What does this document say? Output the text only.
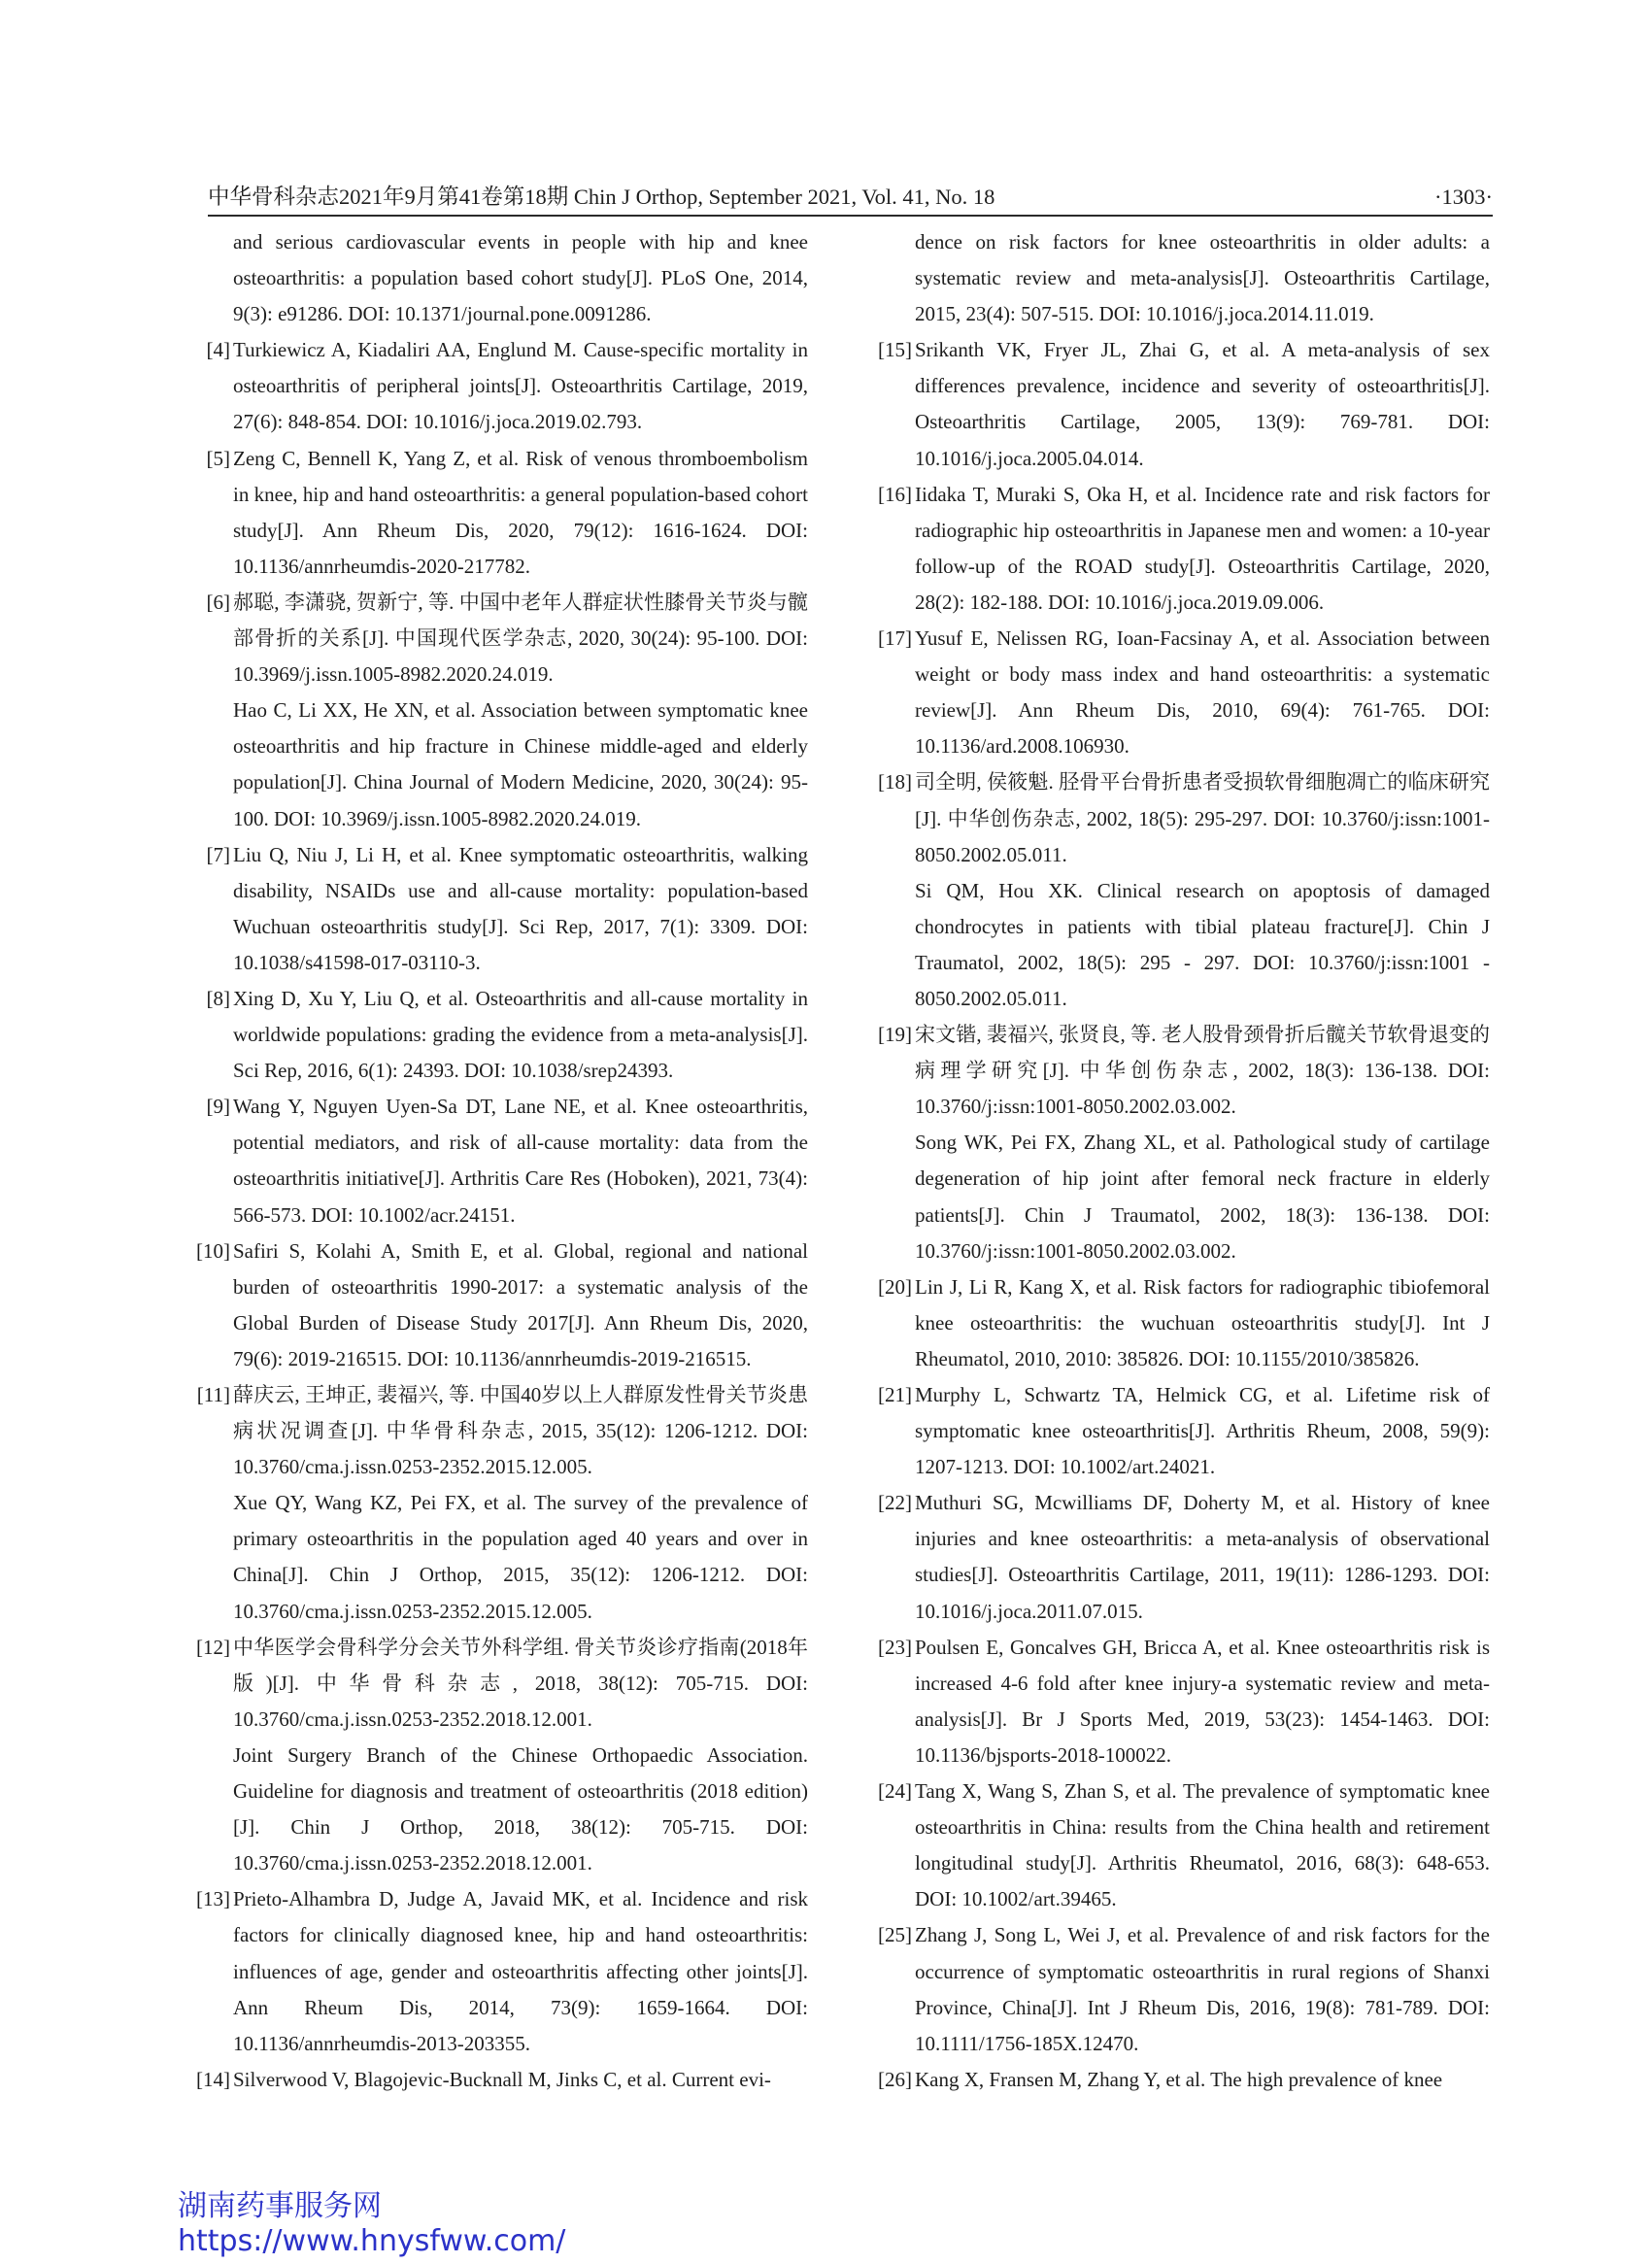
中华骨科杂志2021年9月第41卷第18期 Chin J Orthop, September 2021, Vol. 41, No. 18	·1303·
and serious cardiovascular events in people with hip and knee osteoarthritis: a population based cohort study[J]. PLoS One, 2014, 9(3): e91286. DOI: 10.1371/journal.pone.0091286.
[4] Turkiewicz A, Kiadaliri AA, Englund M. Cause-specific mortality in osteoarthritis of peripheral joints[J]. Osteoarthritis Cartilage, 2019, 27(6): 848-854. DOI: 10.1016/j.joca.2019.02.793.
[5] Zeng C, Bennell K, Yang Z, et al. Risk of venous thromboembolism in knee, hip and hand osteoarthritis: a general population-based cohort study[J]. Ann Rheum Dis, 2020, 79(12): 1616-1624. DOI: 10.1136/annrheumdis-2020-217782.
[6] 郝聪, 李潇骁, 贺新宁, 等. 中国中老年人群症状性膝骨关节炎与髋部骨折的关系[J]. 中国现代医学杂志, 2020, 30(24): 95-100. DOI: 10.3969/j.issn.1005-8982.2020.24.019.
Hao C, Li XX, He XN, et al. Association between symptomatic knee osteoarthritis and hip fracture in Chinese middle-aged and elderly population[J]. China Journal of Modern Medicine, 2020, 30(24): 95-100. DOI: 10.3969/j.issn.1005-8982.2020.24.019.
[7] Liu Q, Niu J, Li H, et al. Knee symptomatic osteoarthritis, walking disability, NSAIDs use and all-cause mortality: population-based Wuchuan osteoarthritis study[J]. Sci Rep, 2017, 7(1): 3309. DOI: 10.1038/s41598-017-03110-3.
[8] Xing D, Xu Y, Liu Q, et al. Osteoarthritis and all-cause mortality in worldwide populations: grading the evidence from a meta-analysis[J]. Sci Rep, 2016, 6(1): 24393. DOI: 10.1038/srep24393.
[9] Wang Y, Nguyen Uyen-Sa DT, Lane NE, et al. Knee osteoarthritis, potential mediators, and risk of all-cause mortality: data from the osteoarthritis initiative[J]. Arthritis Care Res (Hoboken), 2021, 73(4): 566-573. DOI: 10.1002/acr.24151.
[10] Safiri S, Kolahi A, Smith E, et al. Global, regional and national burden of osteoarthritis 1990-2017: a systematic analysis of the Global Burden of Disease Study 2017[J]. Ann Rheum Dis, 2020, 79(6): 2019-216515. DOI: 10.1136/annrheumdis-2019-216515.
[11] 薛庆云, 王坤正, 裴福兴, 等. 中国40岁以上人群原发性骨关节炎患病状况调查[J]. 中华骨科杂志, 2015, 35(12): 1206-1212. DOI: 10.3760/cma.j.issn.0253-2352.2015.12.005.
Xue QY, Wang KZ, Pei FX, et al. The survey of the prevalence of primary osteoarthritis in the population aged 40 years and over in China[J]. Chin J Orthop, 2015, 35(12): 1206-1212. DOI: 10.3760/cma.j.issn.0253-2352.2015.12.005.
[12] 中华医学会骨科学分会关节外科学组. 骨关节炎诊疗指南(2018年版)[J]. 中华骨科杂志, 2018, 38(12): 705-715. DOI: 10.3760/cma.j.issn.0253-2352.2018.12.001.
Joint Surgery Branch of the Chinese Orthopaedic Association. Guideline for diagnosis and treatment of osteoarthritis (2018 edition)[J]. Chin J Orthop, 2018, 38(12): 705-715. DOI: 10.3760/cma.j.issn.0253-2352.2018.12.001.
[13] Prieto-Alhambra D, Judge A, Javaid MK, et al. Incidence and risk factors for clinically diagnosed knee, hip and hand osteoarthritis: influences of age, gender and osteoarthritis affecting other joints[J]. Ann Rheum Dis, 2014, 73(9): 1659-1664. DOI: 10.1136/annrheumdis-2013-203355.
[14] Silverwood V, Blagojevic-Bucknall M, Jinks C, et al. Current evi-
dence on risk factors for knee osteoarthritis in older adults: a systematic review and meta-analysis[J]. Osteoarthritis Cartilage, 2015, 23(4): 507-515. DOI: 10.1016/j.joca.2014.11.019.
[15] Srikanth VK, Fryer JL, Zhai G, et al. A meta-analysis of sex differences prevalence, incidence and severity of osteoarthritis[J]. Osteoarthritis Cartilage, 2005, 13(9): 769-781. DOI: 10.1016/j.joca.2005.04.014.
[16] Iidaka T, Muraki S, Oka H, et al. Incidence rate and risk factors for radiographic hip osteoarthritis in Japanese men and women: a 10-year follow-up of the ROAD study[J]. Osteoarthritis Cartilage, 2020, 28(2): 182-188. DOI: 10.1016/j.joca.2019.09.006.
[17] Yusuf E, Nelissen RG, Ioan-Facsinay A, et al. Association between weight or body mass index and hand osteoarthritis: a systematic review[J]. Ann Rheum Dis, 2010, 69(4): 761-765. DOI: 10.1136/ard.2008.106930.
[18] 司全明, 侯筱魁. 胫骨平台骨折患者受损软骨细胞凋亡的临床研究[J]. 中华创伤杂志, 2002, 18(5): 295-297. DOI: 10.3760/j:issn:1001-8050.2002.05.011.
Si QM, Hou XK. Clinical research on apoptosis of damaged chondrocytes in patients with tibial plateau fracture[J]. Chin J Traumatol, 2002, 18(5): 295 - 297. DOI: 10.3760/j:issn:1001 - 8050.2002.05.011.
[19] 宋文锴, 裴福兴, 张贤良, 等. 老人股骨颈骨折后髋关节软骨退变的病理学研究[J]. 中华创伤杂志, 2002, 18(3): 136-138. DOI: 10.3760/j:issn:1001-8050.2002.03.002.
Song WK, Pei FX, Zhang XL, et al. Pathological study of cartilage degeneration of hip joint after femoral neck fracture in elderly patients[J]. Chin J Traumatol, 2002, 18(3): 136-138. DOI: 10.3760/j:issn:1001-8050.2002.03.002.
[20] Lin J, Li R, Kang X, et al. Risk factors for radiographic tibiofemoral knee osteoarthritis: the wuchuan osteoarthritis study[J]. Int J Rheumatol, 2010, 2010: 385826. DOI: 10.1155/2010/385826.
[21] Murphy L, Schwartz TA, Helmick CG, et al. Lifetime risk of symptomatic knee osteoarthritis[J]. Arthritis Rheum, 2008, 59(9): 1207-1213. DOI: 10.1002/art.24021.
[22] Muthuri SG, Mcwilliams DF, Doherty M, et al. History of knee injuries and knee osteoarthritis: a meta-analysis of observational studies[J]. Osteoarthritis Cartilage, 2011, 19(11): 1286-1293. DOI: 10.1016/j.joca.2011.07.015.
[23] Poulsen E, Goncalves GH, Bricca A, et al. Knee osteoarthritis risk is increased 4-6 fold after knee injury-a systematic review and meta-analysis[J]. Br J Sports Med, 2019, 53(23): 1454-1463. DOI: 10.1136/bjsports-2018-100022.
[24] Tang X, Wang S, Zhan S, et al. The prevalence of symptomatic knee osteoarthritis in China: results from the China health and retirement longitudinal study[J]. Arthritis Rheumatol, 2016, 68(3): 648-653. DOI: 10.1002/art.39465.
[25] Zhang J, Song L, Wei J, et al. Prevalence of and risk factors for the occurrence of symptomatic osteoarthritis in rural regions of Shanxi Province, China[J]. Int J Rheum Dis, 2016, 19(8): 781-789. DOI: 10.1111/1756-185X.12470.
[26] Kang X, Fransen M, Zhang Y, et al. The high prevalence of knee
湖南药事服务网
https://www.hnysfww.com/
